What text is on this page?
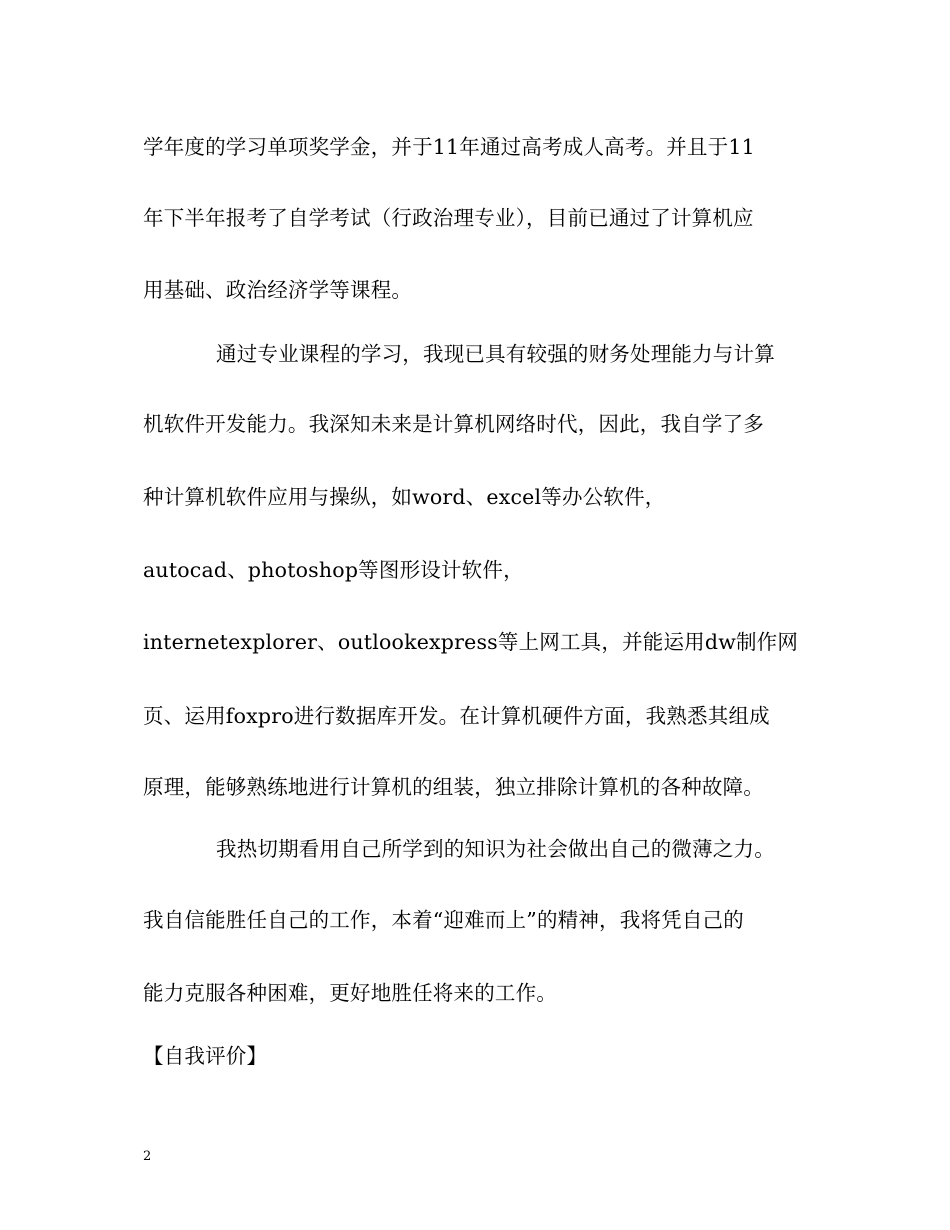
学年度的学习单项奖学金，并于11年通过高考成人高考。并且于11
年下半年报考了自学考试（行政治理专业），目前已通过了计算机应
用基础、政治经济学等课程。
通过专业课程的学习，我现已具有较强的财务处理能力与计算
机软件开发能力。我深知未来是计算机网络时代，因此，我自学了多
种计算机软件应用与操纵，如word、excel等办公软件，
autocad、photoshop等图形设计软件，
internetexplorer、outlookexpress等上网工具，并能运用dw制作网
页、运用foxpro进行数据库开发。在计算机硬件方面，我熟悉其组成
原理，能够熟练地进行计算机的组装，独立排除计算机的各种故障。
我热切期看用自己所学到的知识为社会做出自己的微薄之力。
我自信能胜任自己的工作，本着“迎难而上”的精神，我将凭自己的
能力克服各种困难，更好地胜任将来的工作。
【自我评价】
2
